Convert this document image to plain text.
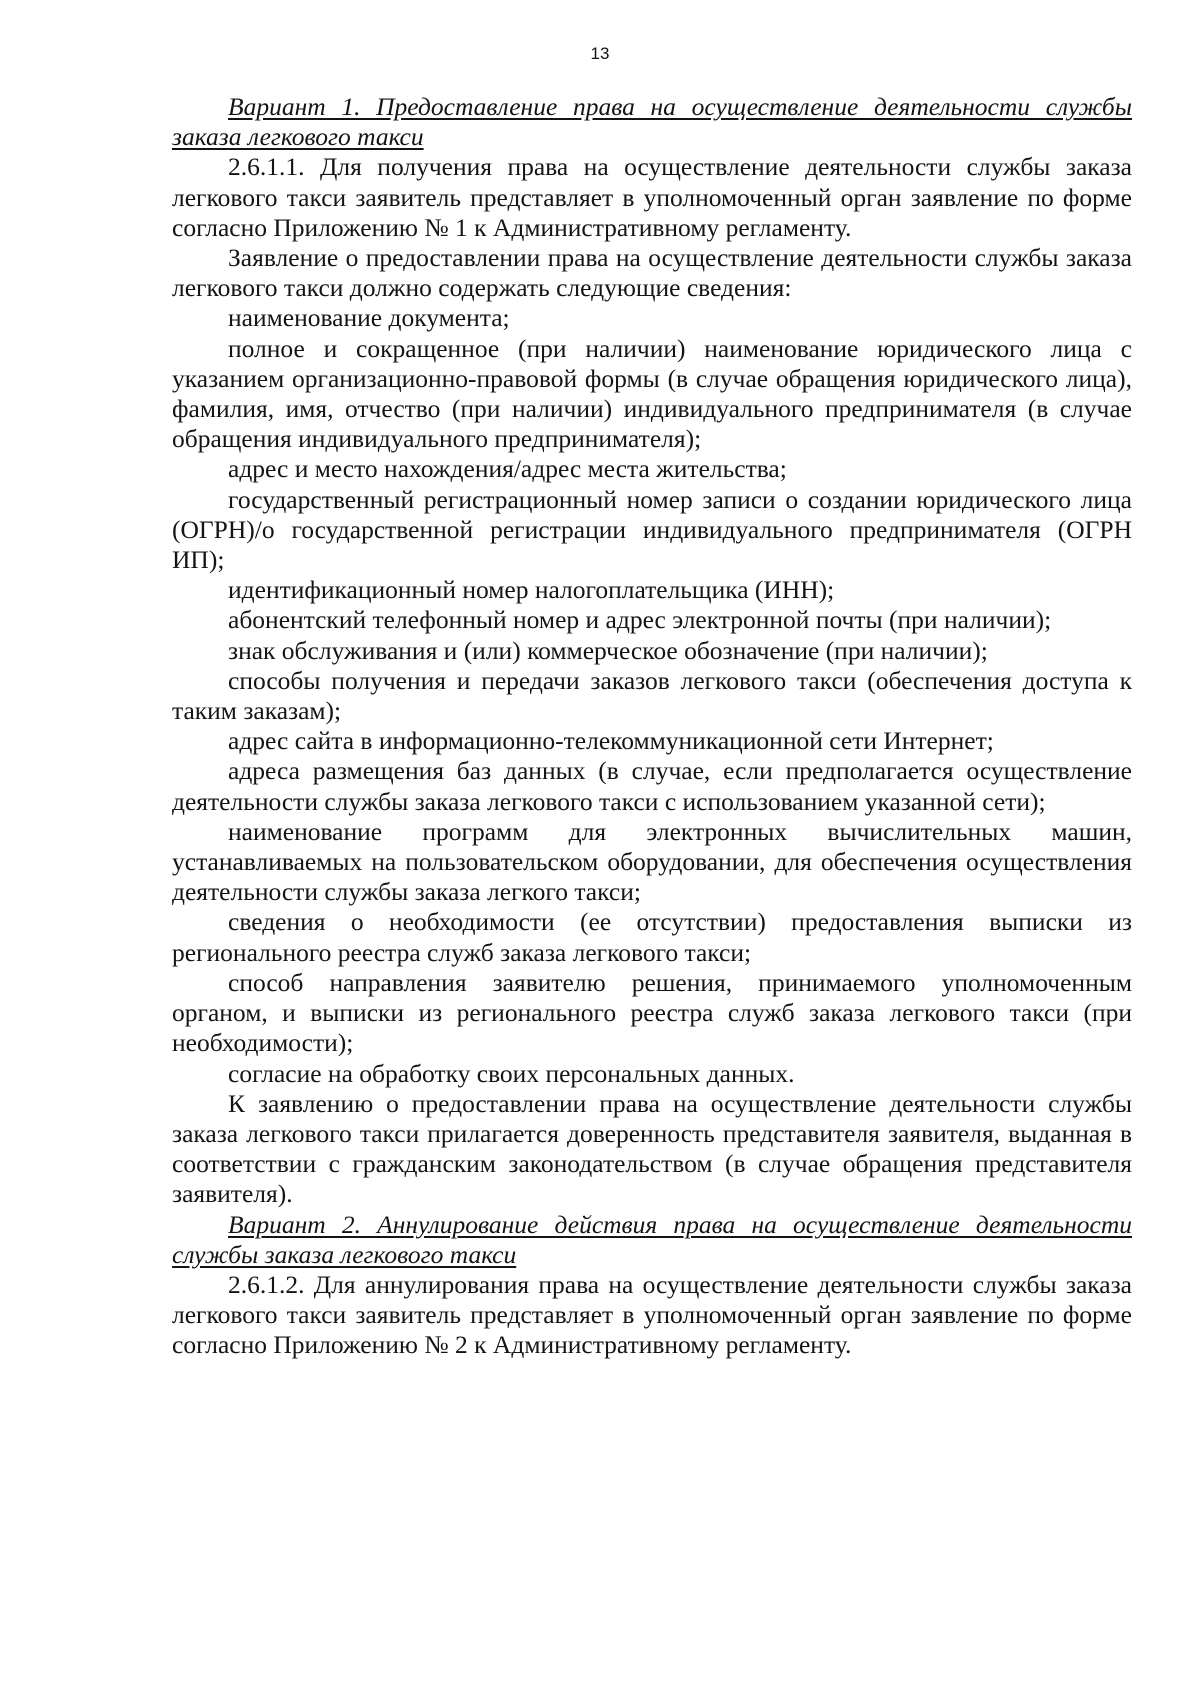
13

Вариант 1. Предоставление права на осуществление деятельности службы заказа легкового такси

2.6.1.1. Для получения права на осуществление деятельности службы заказа легкового такси заявитель представляет в уполномоченный орган заявление по форме согласно Приложению № 1 к Административному регламенту.

Заявление о предоставлении права на осуществление деятельности службы заказа легкового такси должно содержать следующие сведения:

наименование документа;

полное и сокращенное (при наличии) наименование юридического лица с указанием организационно-правовой формы (в случае обращения юридического лица), фамилия, имя, отчество (при наличии) индивидуального предпринимателя (в случае обращения индивидуального предпринимателя);

адрес и место нахождения/адрес места жительства;

государственный регистрационный номер записи о создании юридического лица (ОГРН)/о государственной регистрации индивидуального предпринимателя (ОГРН ИП);

идентификационный номер налогоплательщика (ИНН);

абонентский телефонный номер и адрес электронной почты (при наличии);

знак обслуживания и (или) коммерческое обозначение (при наличии);

способы получения и передачи заказов легкового такси (обеспечения доступа к таким заказам);

адрес сайта в информационно-телекоммуникационной сети Интернет;

адреса размещения баз данных (в случае, если предполагается осуществление деятельности службы заказа легкового такси с использованием указанной сети);

наименование программ для электронных вычислительных машин, устанавливаемых на пользовательском оборудовании, для обеспечения осуществления деятельности службы заказа легкого такси;

сведения о необходимости (ее отсутствии) предоставления выписки из регионального реестра служб заказа легкового такси;

способ направления заявителю решения, принимаемого уполномоченным органом, и выписки из регионального реестра служб заказа легкового такси (при необходимости);

согласие на обработку своих персональных данных.

К заявлению о предоставлении права на осуществление деятельности службы заказа легкового такси прилагается доверенность представителя заявителя, выданная в соответствии с гражданским законодательством (в случае обращения представителя заявителя).

Вариант 2. Аннулирование действия права на осуществление деятельности службы заказа легкового такси

2.6.1.2. Для аннулирования права на осуществление деятельности службы заказа легкового такси заявитель представляет в уполномоченный орган заявление по форме согласно Приложению № 2 к Административному регламенту.
